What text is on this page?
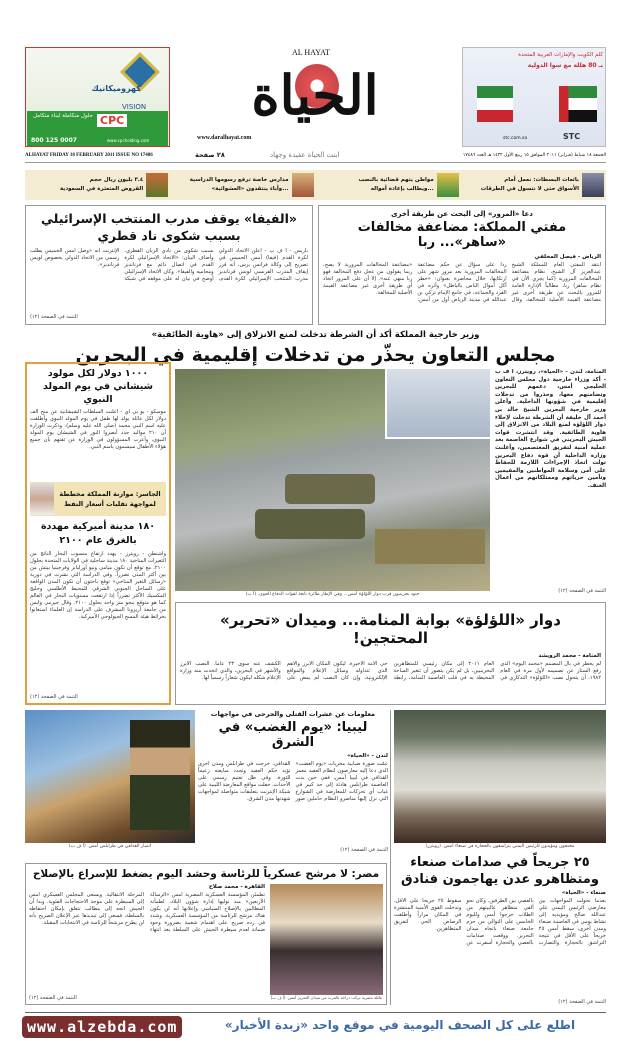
كهروميكانيك
VISION
CPC
حلول متكاملة لبناء متكامل
800 125 0007	www.cpcholding.com
AL HAYAT
الحياة
www.daralhayat.com
كلم الكويت والإمارات العربية المتحدة
بـ 80 هللة مع سوا الدولية
STC
stc.com.sa
ALHAYAT FRIDAY 18 FEBRUARY 2011 ISSUE NO 17486	٢٨ صفحة	ابنت الحياة عقيدة وجهاد	الجمعة ١٨ شباط (فبراير) ٢٠١١ الموافق ١٥ ربيع الأول ١٤٣٢ هـ العدد ١٧٤٨٦
بائعات البسطات: نعمل أمام
الأسواق حتى لا نتسول في الطرقات
مواطن يتهم قضائية بالنصب
...ويطالب بإعادة أمواله
مدارس خاصة ترفع رسومها الدراسية
...وأباء ينتقدون «العشوائية»
٣.٤ بليون ريال حجم
القروض المتعثرة في السعودية
دعا «المرور» إلى البحث عن طريقة أخرى
مفتي المملكة: مضاعفة مخالفات «ساهر»... ربا
الرياض - فيصل المخلفي
انتقد المفتي العام للمملكة الشيخ عبدالعزيز آل الشيخ، نظام مضاعفة المخالفات المرورية (كما يجري الآن في نظام ساهر) ربا، مطالباً الإدارة العامة للمرور بالبحث عن طريقة أخرى غير مضاعفة القيمة الأصلية للمخالفة. وقال رداً على سؤال عن حكم مضاعفة المخالفات المرورية بعد مرور شهر على ارتكابها، خلال محاضرة بعنوان: «خطر أكل أموال الناس بالباطل» وأثره في الفرد والجماعة، في جامع الإمام تركي بن عبدالله في مدينة الرياض أول من أمس: «مضاعفة المخالفات المرورية لا يصح، ربما يقولون من عجل دفع المخالفة فهو ربا منهي عنه». إلا أن على المرور اتخاذ أي طريقة أخرى غير مضاعفة القيمة الأصلية للمخالفة.
«الفيفا» يوقف مدرب المنتخب الإسرائيلي بسبب شكوى ناد قطري
باريس - أ ف ب - أعلن الاتحاد الدولي لكرة القدم (فيفا) أمس الخميس في تصريح إلى وكالة فرانس برس، أنه قرر إيقاف المدرب الفرنسي لويس فرنانديز مدرب المنتخب الإسرائيلي لكرة القدم، بسبب شكوى من نادي الريان القطري. وأضاف البيان: «الاتحاد الإسرائيلي لكرة القدم في اتصال دائم مع فرنانديز ومحاميه والفيفا». وكان الاتحاد الإسرائيلي أوضح في بيان له على موقعه في شبكة الإنترنت أنه «وصل أمس الخميس بطلب رسمي من الاتحاد الدولي بخصوص لويس فرنانديز».
التتمة في الصفحة (١٢)
وزير خارجية المملكة أكد أن الشرطة تدخلت لمنع الانزلاق إلى «هاوية الطائفية»
مجلس التعاون يحذّر من تدخلات إقليمية في البحرين
جنود بحرينيون قرب دوار اللؤلؤة أمس... وفي الإطار طائرة تابعة لقوات الدفاع الجوي. (أ ب)
المنامة، لندن - «الحياة»، رويترز، أ ف ب - أكد وزراء خارجية دول مجلس التعاون الخليجي أمس، دعمهم للبحرين وتضامنهم معها، وحذروا من تدخلات إقليمية في شؤونها الداخلية. وأعلن وزير خارجية البحرين الشيخ خالد بن أحمد آل خليفة أن الشرطة تدخلت لإخلاء دوار اللؤلؤة لمنع البلاد من الانزلاق إلى هاوية الطائفية. وقد انتشرت قوات الجيش البحريني في شوارع العاصمة بعد عملية أمنية لتفريق المعتصمين، وأعلنت وزارة الداخلية أن قوة دفاع البحرين تولت اتخاذ الإجراءات اللازمة للحفاظ على أمن وسلامة المواطنين والمقيمين وتأمين حرياتهم وممتلكاتهم من أعمال العنف.
التتمة في الصفحة (١٢)
١٠٠٠ دولار لكل مولود شيشاني في يوم المولد النبوي
موسكو - يو بي آي - أعلنت السلطات الشيشانية عن منح ألف دولار لكل عائلة يولد لها طفل في يوم المولد النبوي وأطلقت عليه اسم النبي محمد (صلى الله عليه وسلم). وذكرت الوزارة أن ٢١٠ مواليد جدد أبصروا النور في الشيشان يوم المولد النبوي، وأعرب المسؤولون في الوزارة عن ثقتهم بأن جميع هؤلاء الأطفال سيسمون باسم النبي.
الجاسر: موازنة المملكة مخططة لمواجهة تقلبات أسعار النفط
١٨٠ مدينة أميركية مهددة بالغرق عام ٢١٠٠
واشنطن - رويترز - يهدد ارتفاع منسوب البحار الناتج من التغيرات المناخية ١٨٠ مدينة ساحلية في الولايات المتحدة بحلول ٢١٠٠، مع توقع أن تكون ميامي ونيو أورليانز وفرجينيا بيتش من بين أكثر المدن تضرراً. وفي الدراسة التي نشرت في دورية «رسائل التغير المناخي» توقع باحثون أن تكون المدن الواقعة على الساحل الجنوبي الشرقي للمحيط الأطلسي وخليج المكسيك الأكثر تضرراً إذا ارتفعت مستويات البحار في العالم كما هو متوقع بنحو متر واحد بحلول ٢١٠٠. وقال جيرمي وايس من جامعة أريزونا المشرف على الدراسة إن العلماء استعانوا بخرائط هيئة المسح الجيولوجي الأميركية.
التتمة في الصفحة (١٢)
دوار «اللؤلؤة» بوابة المنامة... وميدان «تحرير» المحتجين!
المنامة - محمد الرويشد
لم يخطر في بال المصمم «محمد اليوم» الذي رفع الستار عن تصميمه لأول مرة في العام ١٩٨٢، أن يتحول نصب «اللؤلؤة» التذكاري في العام ٢٠١١ إلى مكان رئيسي للمتظاهرين البحرينيين، بل لم يكن يتصور أن تتغير الساحة المحيطة به في قلب العاصمة المنامة، رابطة حي الأمة الاخيرة. ليكون المكان الأبرز والأهم الذي تتداوله وسائل الإعلام والمواقع الإلكترونية، وإن كان النصب لم يمض على الكشف عنه سوى ٢٣ عاماً. النصب الأبرز والأشهر في البحرين، والذي اتخذت منه وزارة الإعلام شكله ليكون شعاراً رسمياً لها.
أنصار القذافي في طرابلس أمس. (أ ف ب)
معلومات عن عشرات القتلى والجرحى في مواجهات
ليبيا: «يوم الغضب» في الشرق
لندن - «الحياة»
عمّت صورة ضبابية مجريات «يوم الغضب» الذي دعا إليه معارضون لنظام العقيد معمر القذافي في ليبيا أمس، ففي حين بدت العاصمة طرابلس هادئة إلى حد كبير في غياب أي تحركات للمعارضة في الشوارع التي نزل إليها مناصرو النظام حاملين صور القذافي. خرجت في طرابلس ومدن أخرى تؤيد حكم العقيد وتجدد مبايعته زعيماً للثورة. وفي ظل تعتيم رسمي على الأحداث، حفلت مواقع المعارضة الليبية على شبكة الإنترنت بتعليقات متواصلة لمواجهات شهدتها مدن الشرق.
التتمة في الصفحة (١٢)
محتجون ومؤيدون للرئيس اليمني يتراشقون بالحجارة في صنعاء أمس. (رويترز)
٢٥ جريحاً في صدامات صنعاء ومتظاهرو عدن يهاجمون فنادق
صنعاء - «الحياة»
بعدما تحولت المواجهات بين معارضي الرئيس اليمني علي عبدالله صالح ومؤيديه إلى نشاط يومي في العاصمة صنعاء ومدن أخرى، سقط أمس ٢٥ جريحاً على الأقل في نتيجة التراشق بالحجارة والتضارب بالعصي بين الطرفين. وكان نحو ألفي متظاهر غالبيتهم من الطلاب خرجوا أمس ولليوم الخامس على التوالي من حرم جامعة صنعاء باتجاه ميدان التحرير. ووقعت صدامات بالعصي والحجارة أسفرت عن سقوط ٢٥ جريحاً على الأقل، وتدخلت القوى الأمنية المنتشرة في المكان مراراً وأطلقت الرصاص الحي لتفريق المتظاهرين.
التتمة في الصفحة (١٢)
مصر: لا مرشح عسكرياً للرئاسة وحشد اليوم يضغط للإسراع بالإصلاح
القاهرة - محمد صلاح
تطمئن المؤسسة العسكرية المصرية أمس «الرسالة الأربعين» منذ توليها إدارة شؤون البلاد، لطمأنة المطالبين بالإصلاح السياسي وإعلانها أنه لن يكون هناك مرشح للرئاسة من المؤسسة العسكرية. وشدد في رده صريح على اهتمام شعبية بضرورة وجود ضمانة لعدم سيطرة الجيش على السلطة بعد انتهاء المرحلة الانتقالية. ويسعى المجلس العسكري أمس إلى السيطرة على موجة الاحتجاجات الفئوية. وبدا أن الجيش اتجه إلى مطالب تتعلق بإمكان احتفاظه بالسلطة، فسعى إلى تبديدها عبر الإعلان الصريح بأنه لن يطرح مرشحاً للرئاسة في الانتخابات المقبلة.
التتمة في الصفحة (١٢)	عائلة مصرية تركب دراجة بالقرب من ميدان التحرير أمس. (أ ف ب)
www.alzebda.com	اطلع على كل الصحف اليومية في موقع واحد «زبدة الأخبار»
